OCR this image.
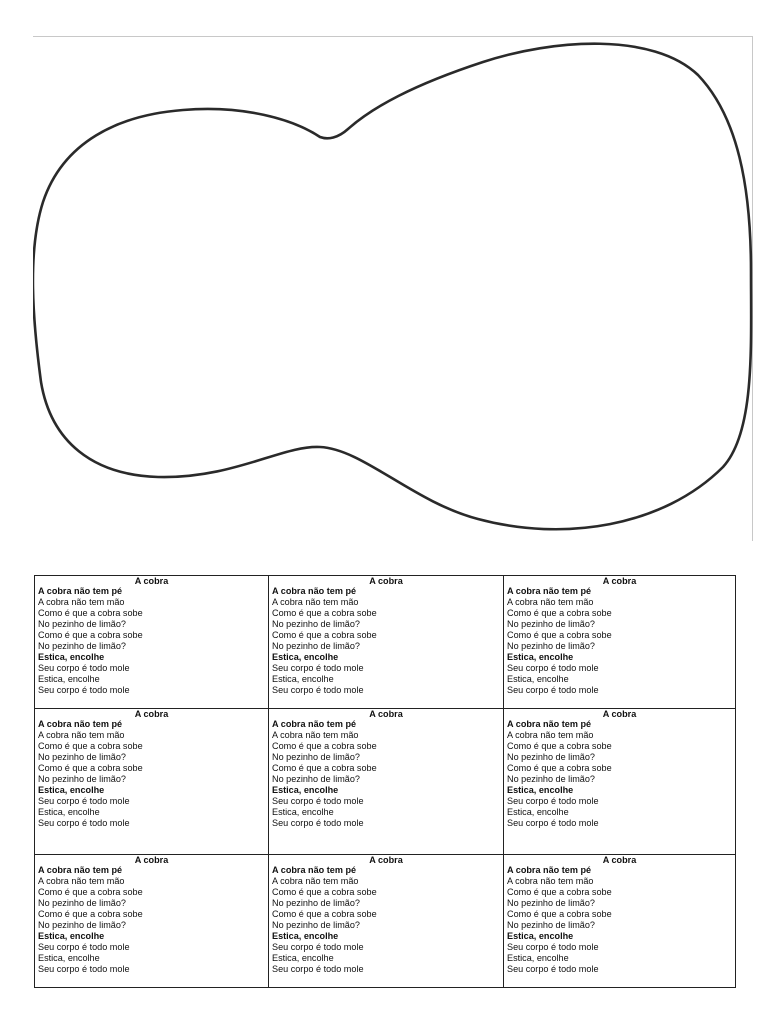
A cobra
A cobra não tem pé
A cobra não tem mão
Como é que a cobra sobe
No pezinho de limão?
Como é que a cobra sobe
No pezinho de limão?
Estica, encolhe
Seu corpo é todo mole
Estica, encolhe
Seu corpo é todo mole
A cobra
A cobra não tem pé
A cobra não tem mão
Como é que a cobra sobe
No pezinho de limão?
Como é que a cobra sobe
No pezinho de limão?
Estica, encolhe
Seu corpo é todo mole
Estica, encolhe
Seu corpo é todo mole
A cobra
A cobra não tem pé
A cobra não tem mão
Como é que a cobra sobe
No pezinho de limão?
Como é que a cobra sobe
No pezinho de limão?
Estica, encolhe
Seu corpo é todo mole
Estica, encolhe
Seu corpo é todo mole
A cobra
A cobra não tem pé
A cobra não tem mão
Como é que a cobra sobe
No pezinho de limão?
Como é que a cobra sobe
No pezinho de limão?
Estica, encolhe
Seu corpo é todo mole
Estica, encolhe
Seu corpo é todo mole
A cobra
A cobra não tem pé
A cobra não tem mão
Como é que a cobra sobe
No pezinho de limão?
Como é que a cobra sobe
No pezinho de limão?
Estica, encolhe
Seu corpo é todo mole
Estica, encolhe
Seu corpo é todo mole
A cobra
A cobra não tem pé
A cobra não tem mão
Como é que a cobra sobe
No pezinho de limão?
Como é que a cobra sobe
No pezinho de limão?
Estica, encolhe
Seu corpo é todo mole
Estica, encolhe
Seu corpo é todo mole
A cobra
A cobra não tem pé
A cobra não tem mão
Como é que a cobra sobe
No pezinho de limão?
Como é que a cobra sobe
No pezinho de limão?
Estica, encolhe
Seu corpo é todo mole
Estica, encolhe
Seu corpo é todo mole
A cobra
A cobra não tem pé
A cobra não tem mão
Como é que a cobra sobe
No pezinho de limão?
Como é que a cobra sobe
No pezinho de limão?
Estica, encolhe
Seu corpo é todo mole
Estica, encolhe
Seu corpo é todo mole
A cobra
A cobra não tem pé
A cobra não tem mão
Como é que a cobra sobe
No pezinho de limão?
Como é que a cobra sobe
No pezinho de limão?
Estica, encolhe
Seu corpo é todo mole
Estica, encolhe
Seu corpo é todo mole
